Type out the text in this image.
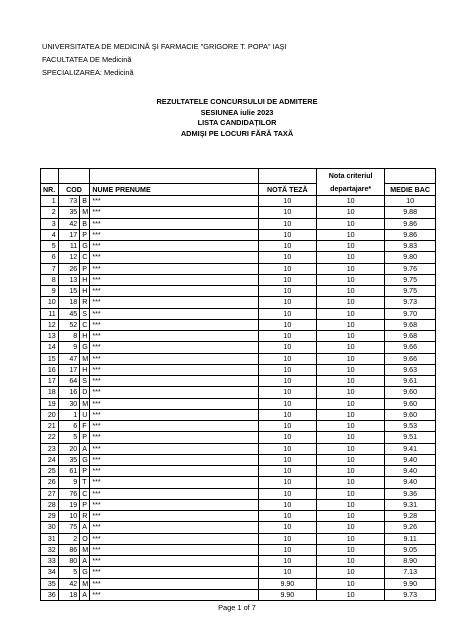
UNIVERSITATEA DE MEDICINĂ ŞI FARMACIE "GRIGORE T. POPA" IAŞI
FACULTATEA DE Medicină
SPECIALIZAREA: Medicină
REZULTATELE CONCURSULUI DE ADMITERE
SESIUNEA iulie 2023
LISTA CANDIDAȚILOR
ADMIŞI PE LOCURI FĂRĂ TAXĂ
					Nota criteriul	
NR.	COD		NUME PRENUME	NOTĂ TEZĂ	departajare*	MEDIE BAC
1	73	B	***	10	10	10
2	35	M	***	10	10	9.88
3	42	B	***	10	10	9.86
4	17	P	***	10	10	9.86
5	11	G	***	10	10	9.83
6	12	C	***	10	10	9.80
7	26	P	***	10	10	9.76
8	13	H	***	10	10	9.75
9	15	H	***	10	10	9.75
10	18	R	***	10	10	9.73
11	45	S	***	10	10	9.70
12	52	C	***	10	10	9.68
13	8	H	***	10	10	9.68
14	9	G	***	10	10	9.66
15	47	M	***	10	10	9.66
16	17	H	***	10	10	9.63
17	64	S	***	10	10	9.61
18	16	D	***	10	10	9.60
19	30	M	***	10	10	9.60
20	1	U	***	10	10	9.60
21	6	F	***	10	10	9.53
22	5	P	***	10	10	9.51
23	20	A	***	10	10	9.41
24	35	G	***	10	10	9.40
25	61	P	***	10	10	9.40
26	9	T	***	10	10	9.40
27	76	C	***	10	10	9.36
28	19	P	***	10	10	9.31
29	10	R	***	10	10	9.28
30	75	A	***	10	10	9.26
31	2	O	***	10	10	9.11
32	86	M	***	10	10	9.05
33	80	A	***	10	10	8.90
34	5	G	***	10	10	7.13
35	42	M	***	9.90	10	9.90
36	18	A	***	9.90	10	9.73
Page 1 of 7
